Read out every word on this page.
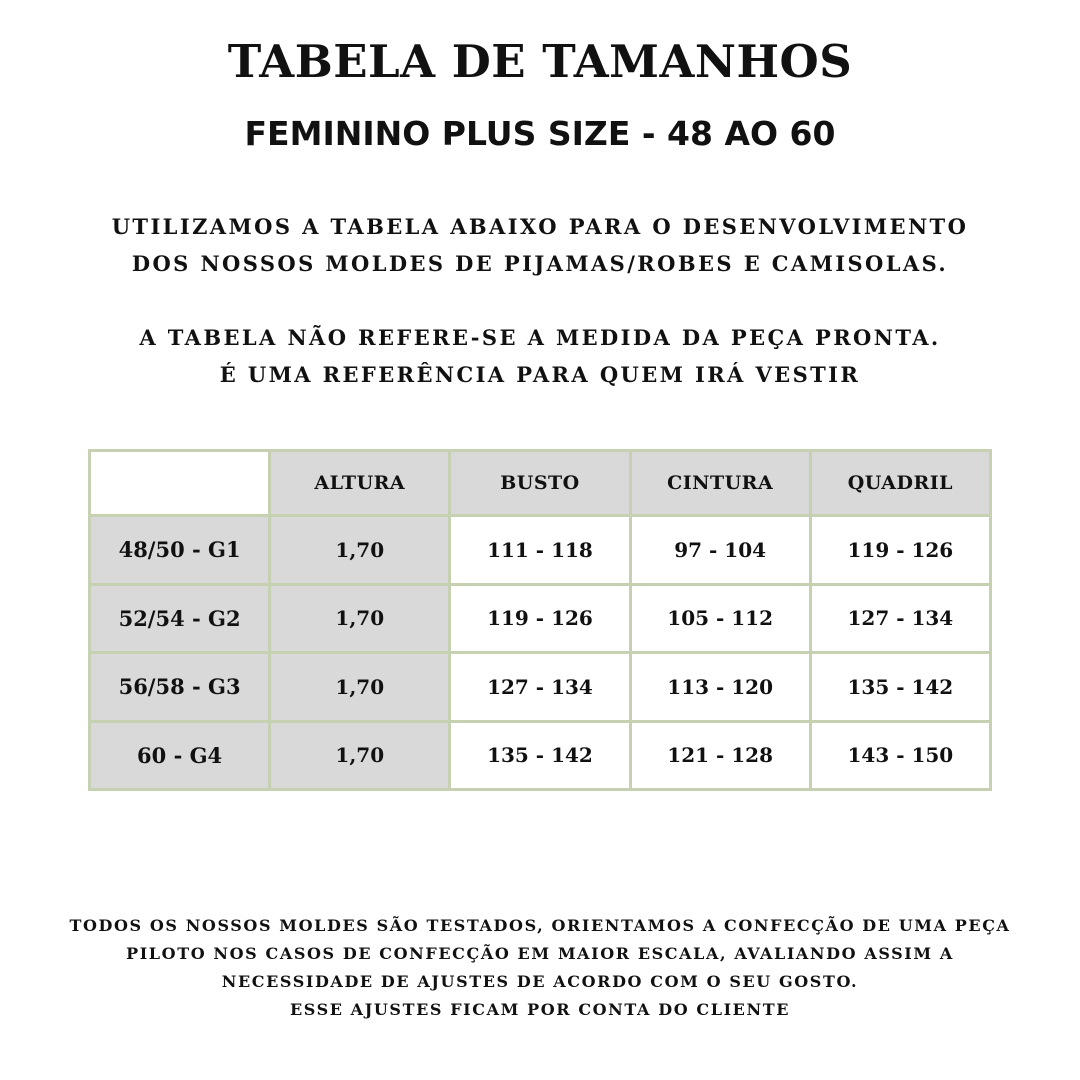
TABELA DE TAMANHOS
FEMININO PLUS SIZE - 48 AO 60

UTILIZAMOS A TABELA ABAIXO PARA O DESENVOLVIMENTO
DOS NOSSOS MOLDES DE PIJAMAS/ROBES E CAMISOLAS.

A TABELA NÃO REFERE-SE A MEDIDA DA PEÇA PRONTA.
É UMA REFERÊNCIA PARA QUEM IRÁ VESTIR

	ALTURA	BUSTO	CINTURA	QUADRIL
48/50 - G1	1,70	111 - 118	97 - 104	119 - 126
52/54 - G2	1,70	119 - 126	105 - 112	127 - 134
56/58 - G3	1,70	127 - 134	113 - 120	135 - 142
60 - G4	1,70	135 - 142	121 - 128	143 - 150

TODOS OS NOSSOS MOLDES SÃO TESTADOS, ORIENTAMOS A CONFECÇÃO DE UMA PEÇA
PILOTO NOS CASOS DE CONFECÇÃO EM MAIOR ESCALA, AVALIANDO ASSIM A
NECESSIDADE DE AJUSTES DE ACORDO COM O SEU GOSTO.
ESSE AJUSTES FICAM POR CONTA DO CLIENTE
